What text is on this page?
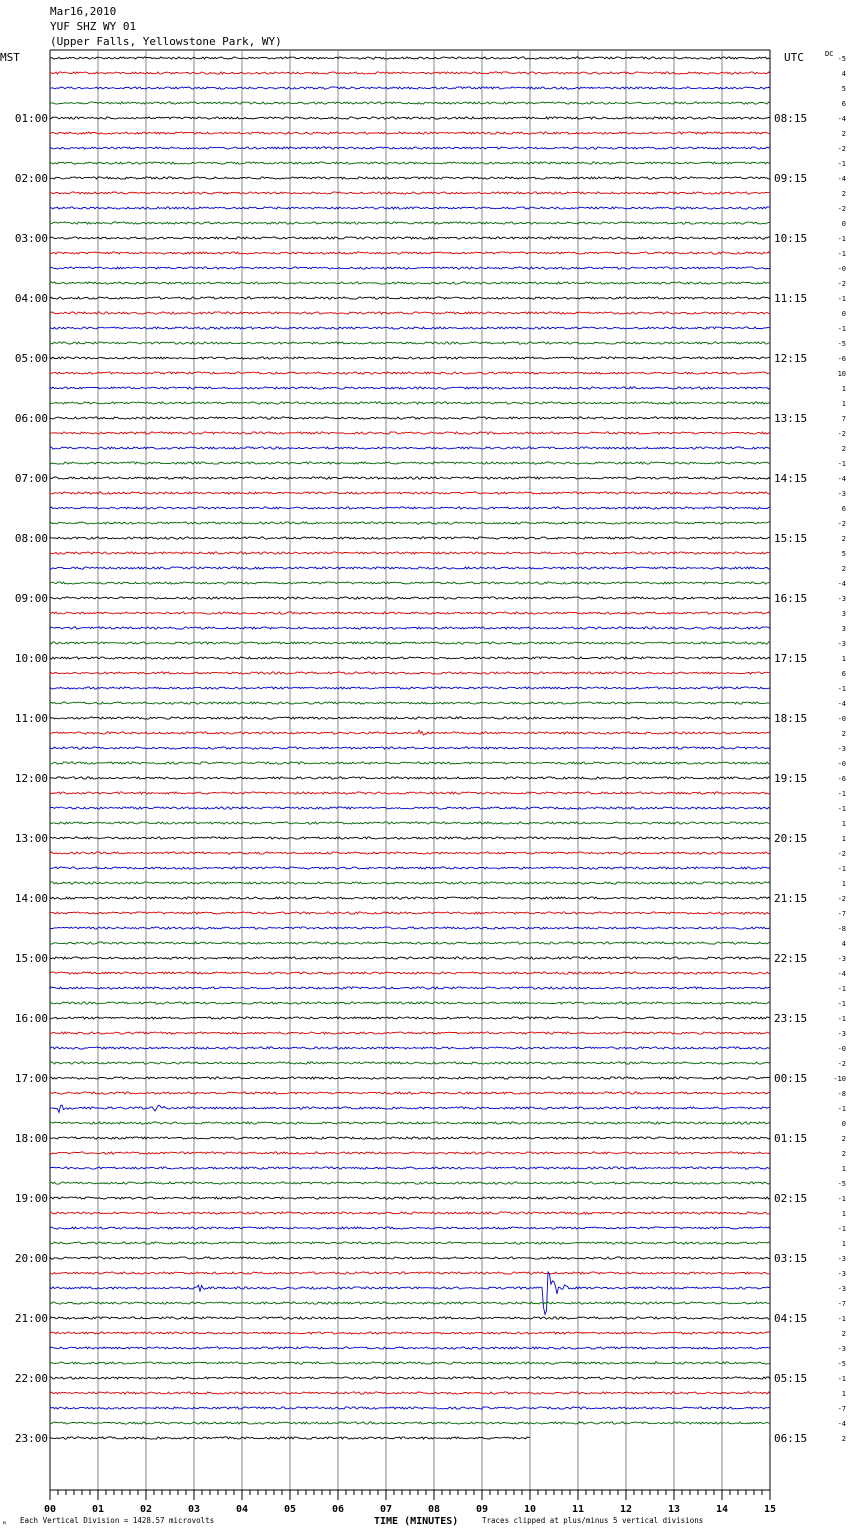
Mar16,2010
YUF SHZ WY 01
(Upper Falls, Yellowstone Park, WY)
MST	UTC	DC
01:00
02:00
03:00
04:00
05:00
06:00
07:00
08:00
09:00
10:00
11:00
12:00
13:00
14:00
15:00
16:00
17:00
18:00
19:00
20:00
21:00
22:00
23:00
08:15
09:15
10:15
11:15
12:15
13:15
14:15
15:15
16:15
17:15
18:15
19:15
20:15
21:15
22:15
23:15
00:15
01:15
02:15
03:15
04:15
05:15
06:15
-5
4
5
6
-4
2
-2
-1
-4
2
-2
0
-1
-1
-0
-2
-1
0
-1
-5
-6
10
1
1
7
-2
2
-1
-4
-3
6
-2
2
5
2
-4
-3
3
3
-3
1
6
-1
-4
-0
2
-3
-0
-6
-1
-1
1
1
-2
-1
1
-2
-7
-8
4
-3
-4
-1
-1
-1
-3
-0
-2
-10
-8
-1
0
2
2
1
-5
-1
1
-1
1
-3
-3
-3
-7
-1
2
-3
-5
-1
1
-7
-4
2
00	01	02	03	04	05	06	07	08	09	10	11	12	13	14	15
ᴹ Each Vertical Division = 1428.57 microvolts	TIME (MINUTES)	Traces clipped at plus/minus 5 vertical divisions
